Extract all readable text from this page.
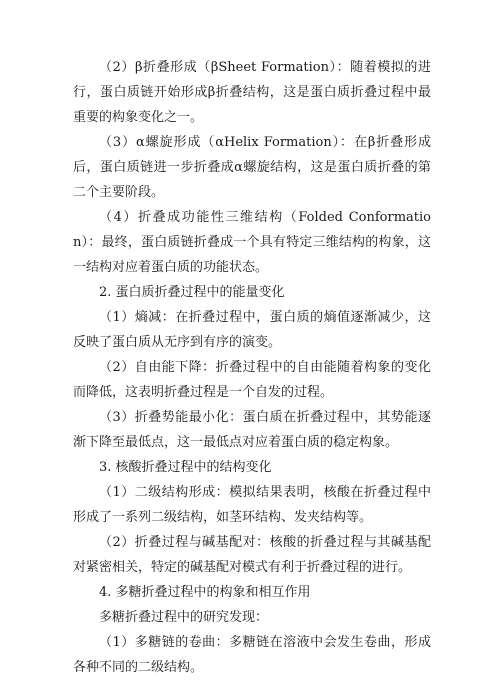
（2）β折叠形成（βSheet Formation）：随着模拟的进行，蛋白质链开始形成β折叠结构，这是蛋白质折叠过程中最重要的构象变化之一。

（3）α螺旋形成（αHelix Formation）：在β折叠形成后，蛋白质链进一步折叠成α螺旋结构，这是蛋白质折叠的第二个主要阶段。

（4）折叠成功能性三维结构（Folded Conformation）：最终，蛋白质链折叠成一个具有特定三维结构的构象，这一结构对应着蛋白质的功能状态。

2. 蛋白质折叠过程中的能量变化

（1）熵减：在折叠过程中，蛋白质的熵值逐渐减少，这反映了蛋白质从无序到有序的演变。

（2）自由能下降：折叠过程中的自由能随着构象的变化而降低，这表明折叠过程是一个自发的过程。

（3）折叠势能最小化：蛋白质在折叠过程中，其势能逐渐下降至最低点，这一最低点对应着蛋白质的稳定构象。

3. 核酸折叠过程中的结构变化

（1）二级结构形成：模拟结果表明，核酸在折叠过程中形成了一系列二级结构，如茎环结构、发夹结构等。

（2）折叠过程与碱基配对：核酸的折叠过程与其碱基配对紧密相关，特定的碱基配对模式有利于折叠过程的进行。

4. 多糖折叠过程中的构象和相互作用

多糖折叠过程中的研究发现：

（1）多糖链的卷曲：多糖链在溶液中会发生卷曲，形成各种不同的二级结构。
